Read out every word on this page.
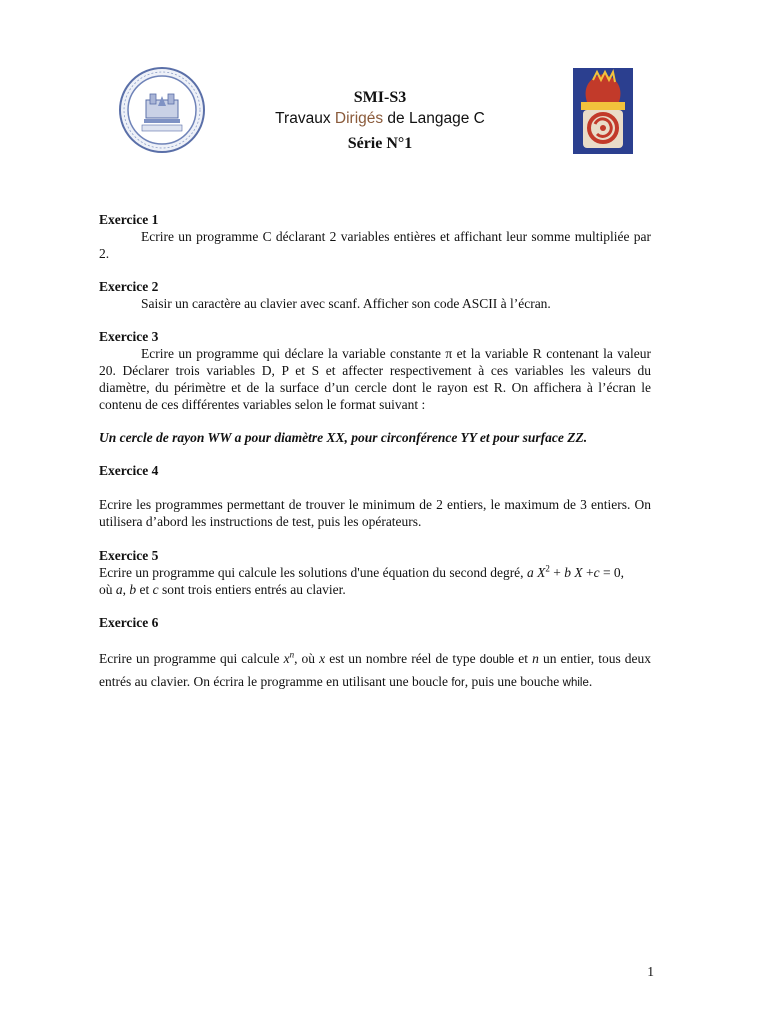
SMI-S3
Travaux Dirigés de Langage C
Série N°1
Exercice 1
Ecrire un programme C déclarant 2 variables entières et affichant leur somme multipliée par 2.
Exercice 2
Saisir un caractère au clavier avec scanf. Afficher son code ASCII à l’écran.
Exercice 3
Ecrire un programme qui déclare la variable constante π et la variable R contenant la valeur 20. Déclarer trois variables D, P et S et affecter respectivement à ces variables les valeurs du diamètre, du périmètre et de la surface d’un cercle dont le rayon est R. On affichera à l’écran le contenu de ces différentes variables selon le format suivant :
Un cercle de rayon WW a pour diamètre XX, pour circonférence YY et pour surface ZZ.
Exercice 4
Ecrire les programmes permettant de trouver le minimum de 2 entiers, le maximum de 3 entiers. On utilisera d’abord les instructions de test, puis les opérateurs.
Exercice 5
Ecrire un programme qui calcule les solutions d'une équation du second degré, a $X^2 + b$ X +c = 0,
où a, b et c sont trois entiers entrés au clavier.
Exercice 6
Ecrire un programme qui calcule $x^n$, où x est un nombre réel de type double et n un entier, tous deux entrés au clavier. On écrira le programme en utilisant une boucle for, puis une bouche while.
1
